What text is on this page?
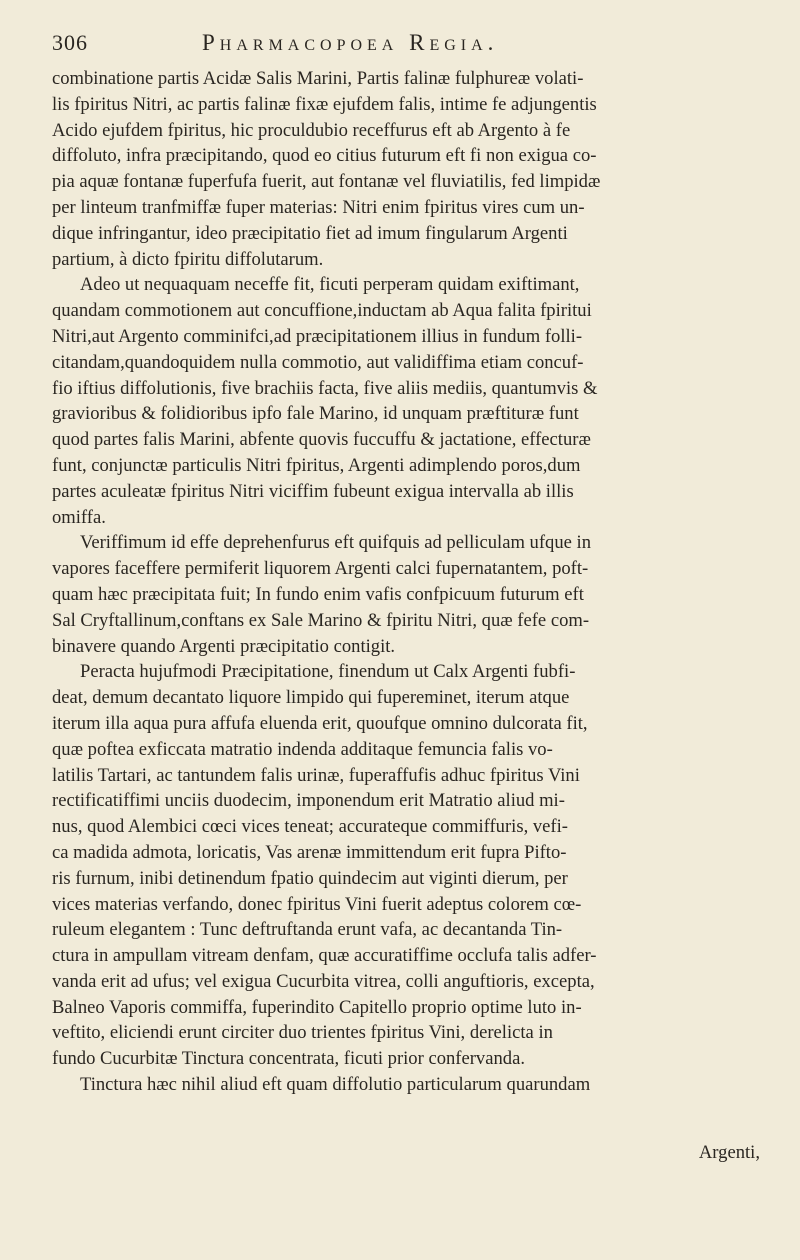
306	Pharmacopoea Regia.
combinatione partis Acidæ Salis Marini, Partis falinæ fulphureæ volati-
lis fpiritus Nitri, ac partis falinæ fixæ ejufdem falis, intime fe adjungentis
Acido ejufdem fpiritus, hic proculdubio receffurus eft ab Argento à fe
diffoluto, infra præcipitando, quod eo citius futurum eft fi non exigua co-
pia aquæ fontanæ fuperfufa fuerit, aut fontanæ vel fluviatilis, fed limpidæ
per linteum tranfmiffæ fuper materias: Nitri enim fpiritus vires cum un-
dique infringantur, ideo præcipitatio fiet ad imum fingularum Argenti
partium, à dicto fpiritu diffolutarum.
Adeo ut nequaquam neceffe fit, ficuti perperam quidam exiftimant,
quandam commotionem aut concuffione,inductam ab Aqua falita fpiritui
Nitri,aut Argento comminifci,ad præcipitationem illius in fundum folli-
citandam,quandoquidem nulla commotio, aut validiffima etiam concuf-
fio iftius diffolutionis, five brachiis facta, five aliis mediis, quantumvis &
gravioribus & folidioribus ipfo fale Marino, id unquam præftituræ funt
quod partes falis Marini, abfente quovis fuccuffu & jactatione, effecturæ
funt, conjunctæ particulis Nitri fpiritus, Argenti adimplendo poros,dum
partes aculeatæ fpiritus Nitri viciffim fubeunt exigua intervalla ab illis
omiffa.
Veriffimum id effe deprehenfurus eft quifquis ad pelliculam ufque in
vapores faceffere permiferit liquorem Argenti calci fupernatantem, poft-
quam hæc præcipitata fuit; In fundo enim vafis confpicuum futurum eft
Sal Cryftallinum,conftans ex Sale Marino & fpiritu Nitri, quæ fefe com-
binavere quando Argenti præcipitatio contigit.
Peracta hujufmodi Præcipitatione, finendum ut Calx Argenti fubfi-
deat, demum decantato liquore limpido qui fupereminet, iterum atque
iterum illa aqua pura affufa eluenda erit, quoufque omnino dulcorata fit,
quæ poftea exficcata matratio indenda additaque femuncia falis vo-
latilis Tartari, ac tantundem falis urinæ, fuperaffufis adhuc fpiritus Vini
rectificatiffimi unciis duodecim, imponendum erit Matratio aliud mi-
nus, quod Alembici cœci vices teneat; accurateque commiffuris, vefi-
ca madida admota, loricatis, Vas arenæ immittendum erit fupra Pifto-
ris furnum, inibi detinendum fpatio quindecim aut viginti dierum, per
vices materias verfando, donec fpiritus Vini fuerit adeptus colorem cœ-
ruleum elegantem : Tunc deftruftanda erunt vafa, ac decantanda Tin-
ctura in ampullam vitream denfam, quæ accuratiffime occlufa talis adfer-
vanda erit ad ufus; vel exigua Cucurbita vitrea, colli anguftioris, excepta,
Balneo Vaporis commiffa, fuperindito Capitello proprio optime luto in-
veftito, eliciendi erunt circiter duo trientes fpiritus Vini, derelicta in
fundo Cucurbitæ Tinctura concentrata, ficuti prior confervanda.
Tinctura hæc nihil aliud eft quam diffolutio particularum quarundam
Argenti,
